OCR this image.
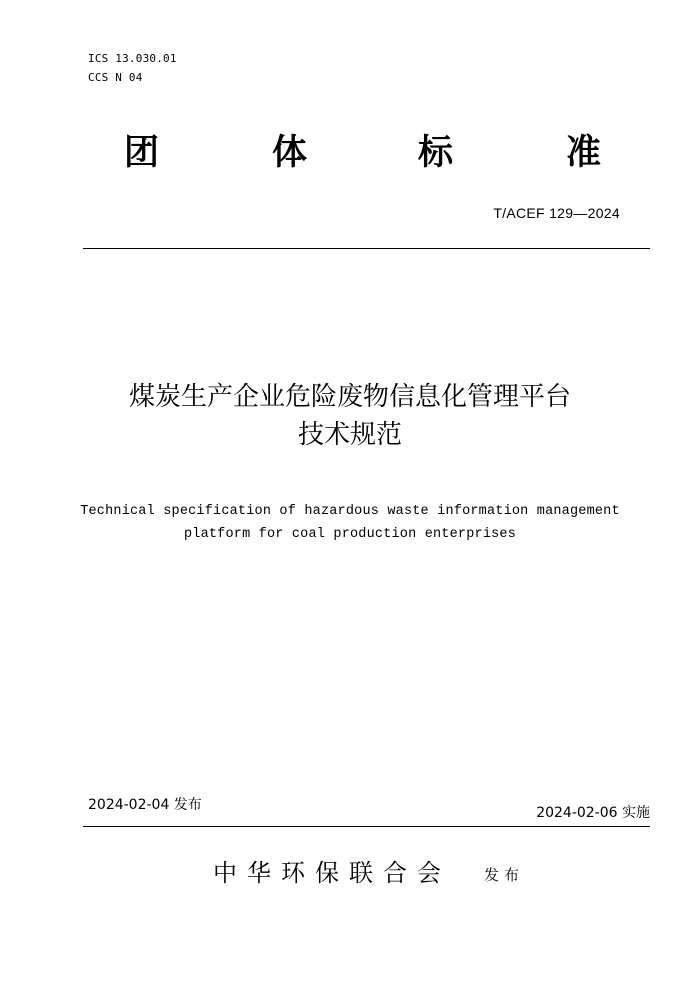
ICS 13.030.01
CCS N 04
团	体	标	准
T/ACEF 129—2024
煤炭生产企业危险废物信息化管理平台
技术规范
Technical specification of hazardous waste information management
platform for coal production enterprises
2024-02-04 发布	2024-02-06 实施
中华环保联合会 发布
